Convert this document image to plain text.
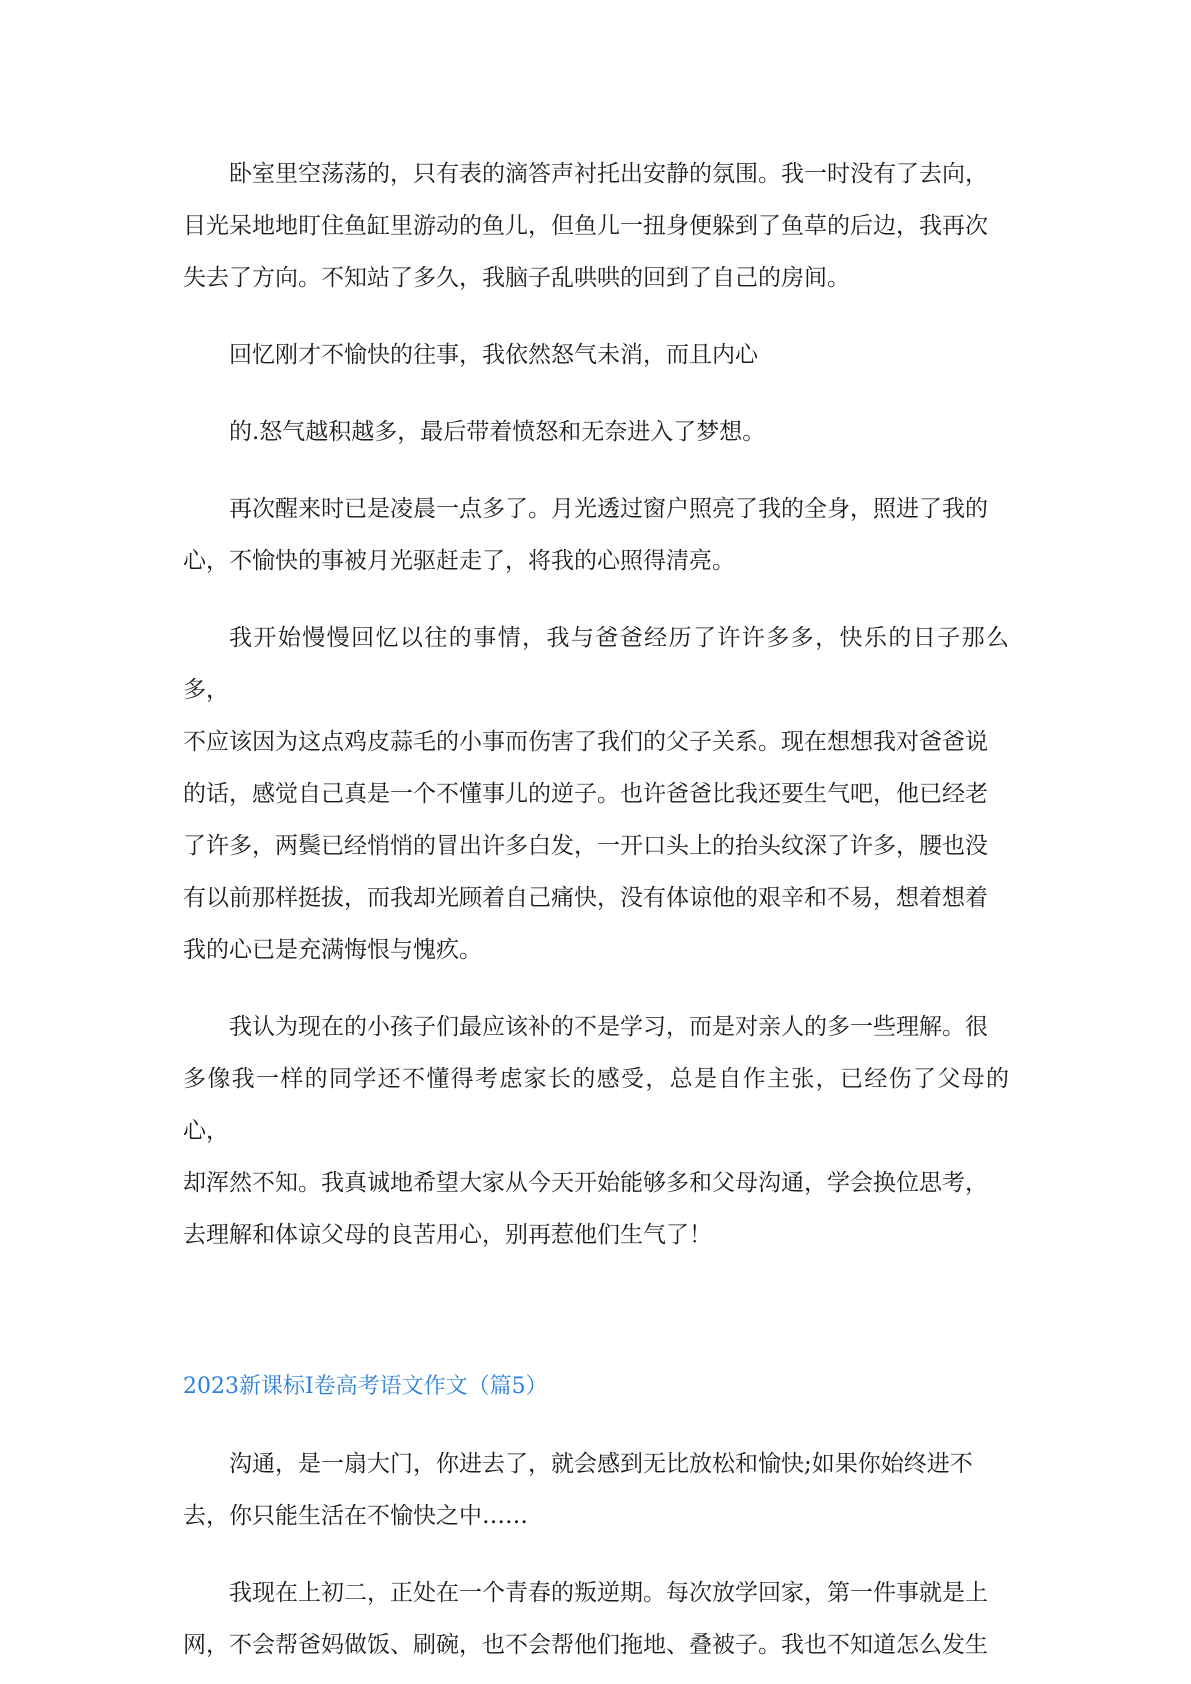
卧室里空荡荡的，只有表的滴答声衬托出安静的氛围。我一时没有了去向，
目光呆地地盯住鱼缸里游动的鱼儿，但鱼儿一扭身便躲到了鱼草的后边，我再次
失去了方向。不知站了多久，我脑子乱哄哄的回到了自己的房间。

回忆刚才不愉快的往事，我依然怒气未消，而且内心

的.怒气越积越多，最后带着愤怒和无奈进入了梦想。

再次醒来时已是凌晨一点多了。月光透过窗户照亮了我的全身，照进了我的
心，不愉快的事被月光驱赶走了，将我的心照得清亮。

我开始慢慢回忆以往的事情，我与爸爸经历了许许多多，快乐的日子那么多，
不应该因为这点鸡皮蒜毛的小事而伤害了我们的父子关系。现在想想我对爸爸说
的话，感觉自己真是一个不懂事儿的逆子。也许爸爸比我还要生气吧，他已经老
了许多，两鬓已经悄悄的冒出许多白发，一开口头上的抬头纹深了许多，腰也没
有以前那样挺拔，而我却光顾着自己痛快，没有体谅他的艰辛和不易，想着想着
我的心已是充满悔恨与愧疚。

我认为现在的小孩子们最应该补的不是学习，而是对亲人的多一些理解。很
多像我一样的同学还不懂得考虑家长的感受，总是自作主张，已经伤了父母的心，
却浑然不知。我真诚地希望大家从今天开始能够多和父母沟通，学会换位思考，
去理解和体谅父母的良苦用心，别再惹他们生气了！

2023新课标I卷高考语文作文（篇5）

沟通，是一扇大门，你进去了，就会感到无比放松和愉快;如果你始终进不
去，你只能生活在不愉快之中……

我现在上初二，正处在一个青春的叛逆期。每次放学回家，第一件事就是上
网，不会帮爸妈做饭、刷碗，也不会帮他们拖地、叠被子。我也不知道怎么发生
